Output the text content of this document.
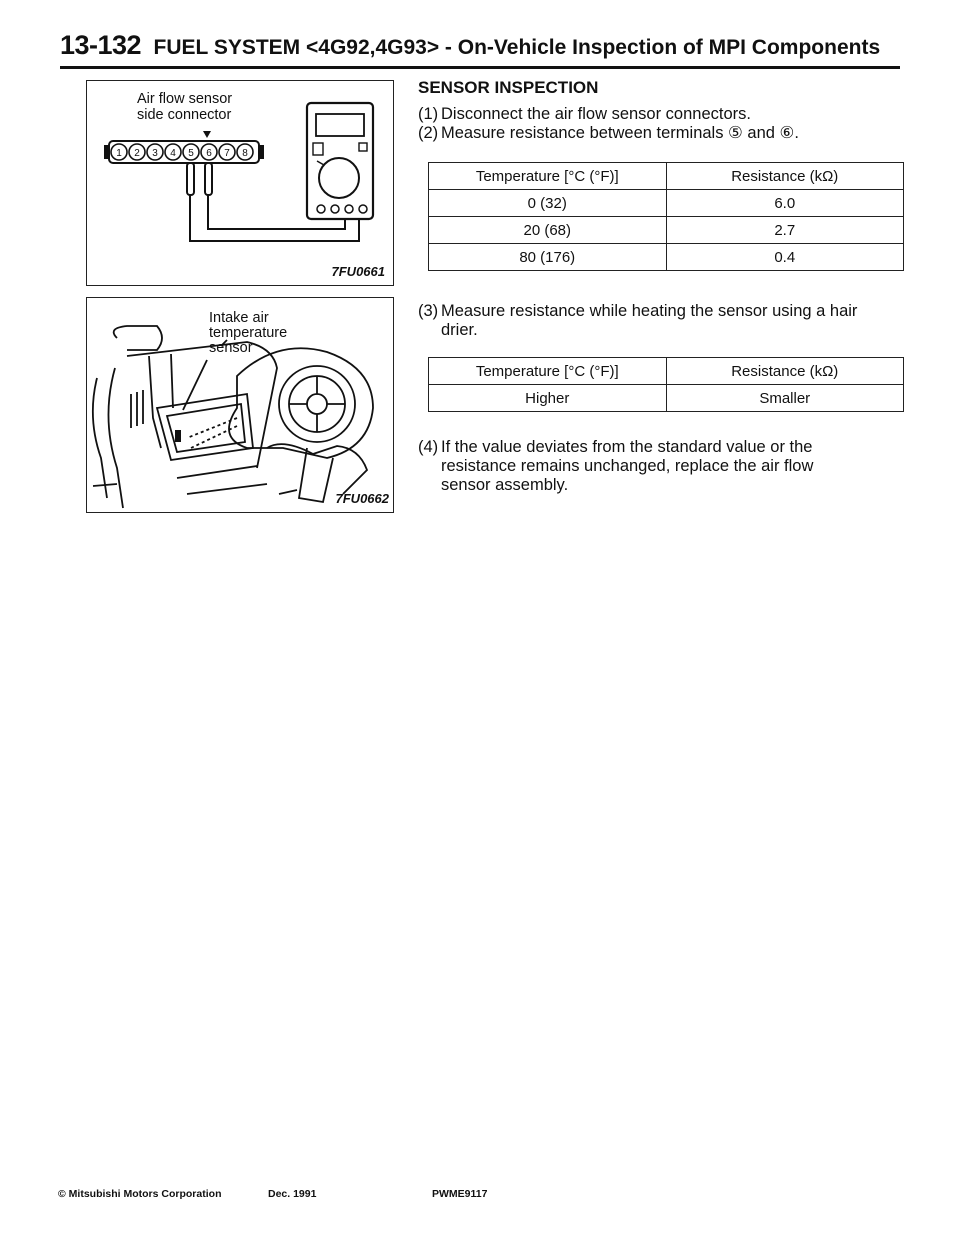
13-132 FUEL SYSTEM <4G92,4G93> - On-Vehicle Inspection of MPI Components
1 2 3 4 5 6 7 8
Air flow sensor
side connector
7FU0661
Intake air
temperature
sensor
7FU0662
SENSOR INSPECTION
(1) Disconnect the air flow sensor connectors.
(2) Measure resistance between terminals ⑤ and ⑥.
Temperature [°C (°F)]	Resistance (kΩ)
0 (32)	6.0
20 (68)	2.7
80 (176)	0.4
(3) Measure resistance while heating the sensor using a hair
drier.
Temperature [°C (°F)]	Resistance (kΩ)
Higher	Smaller
(4) If the value deviates from the standard value or the
resistance remains unchanged, replace the air flow
sensor assembly.
© Mitsubishi Motors Corporation	Dec. 1991	PWME9117
